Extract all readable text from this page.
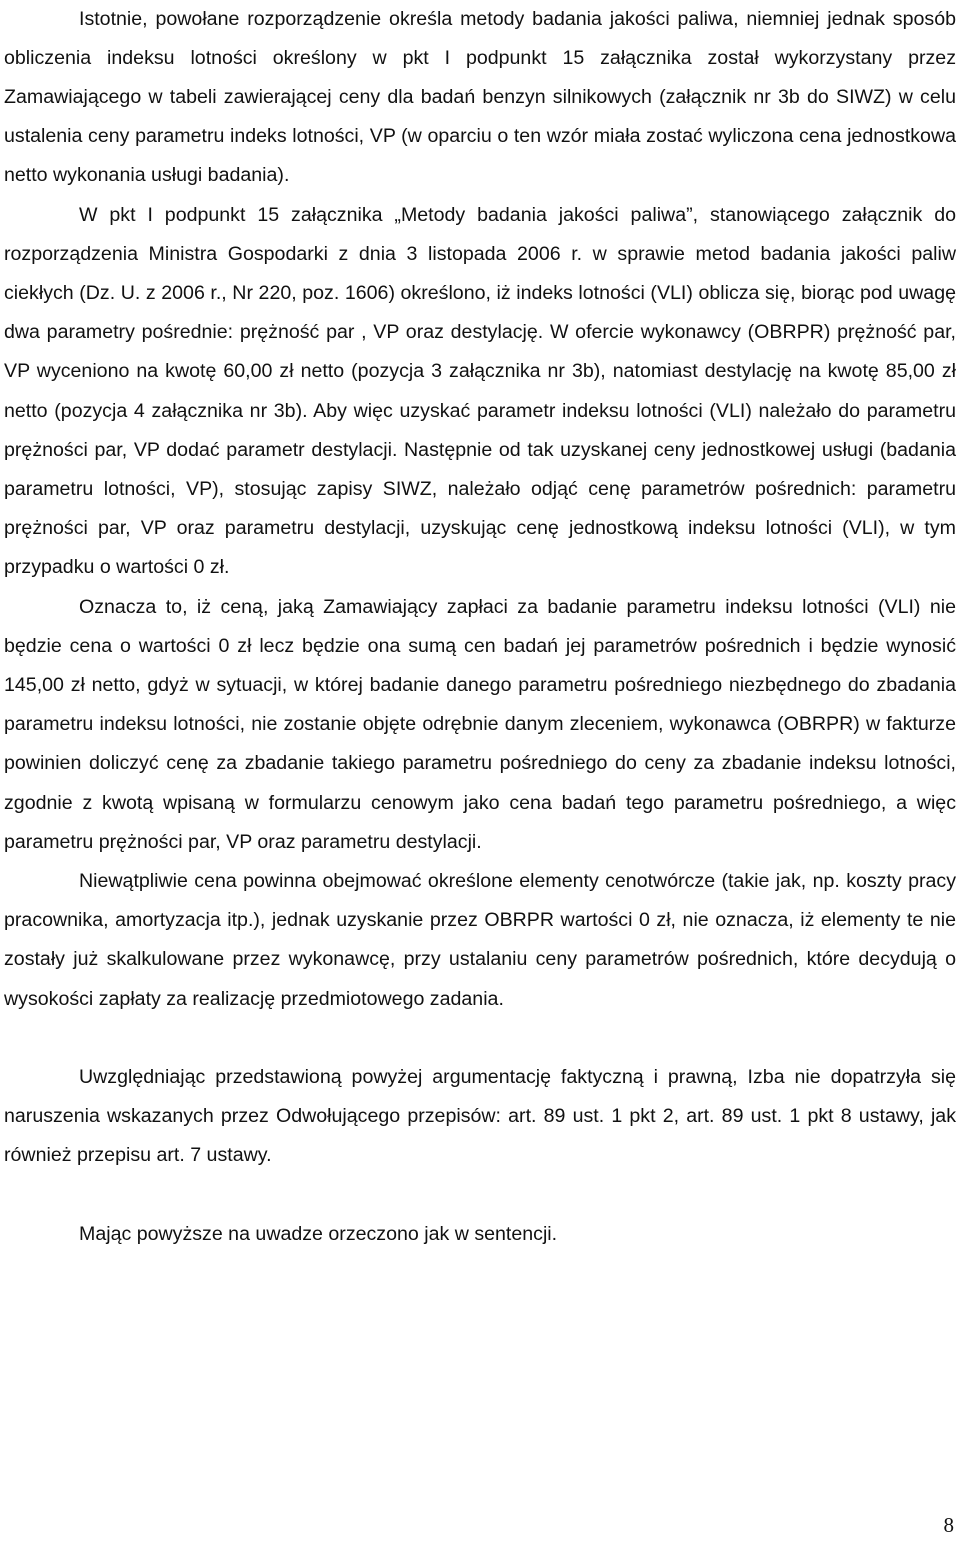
Istotnie, powołane rozporządzenie określa metody badania jakości paliwa, niemniej jednak sposób obliczenia indeksu lotności określony w pkt I podpunkt 15 załącznika został wykorzystany przez Zamawiającego w tabeli zawierającej ceny dla badań benzyn silnikowych (załącznik nr 3b do SIWZ) w celu ustalenia ceny parametru indeks lotności, VP (w oparciu o ten wzór miała zostać wyliczona cena jednostkowa netto wykonania usługi badania).

W pkt I podpunkt 15 załącznika „Metody badania jakości paliwa”, stanowiącego załącznik do rozporządzenia Ministra Gospodarki z dnia 3 listopada 2006 r. w sprawie metod badania jakości paliw ciekłych (Dz. U. z 2006 r., Nr 220, poz. 1606) określono, iż indeks lotności (VLI) oblicza się, biorąc pod uwagę dwa parametry pośrednie: prężność par , VP oraz destylację. W ofercie wykonawcy (OBRPR) prężność par, VP wyceniono na kwotę 60,00 zł netto (pozycja 3 załącznika nr 3b), natomiast destylację na kwotę 85,00 zł netto (pozycja 4 załącznika nr 3b). Aby więc uzyskać parametr indeksu lotności (VLI) należało do parametru prężności par, VP dodać parametr destylacji. Następnie od tak uzyskanej ceny jednostkowej usługi (badania parametru lotności, VP), stosując zapisy SIWZ, należało odjąć cenę parametrów pośrednich: parametru prężności par, VP oraz parametru destylacji, uzyskując cenę jednostkową indeksu lotności (VLI), w tym przypadku o wartości 0 zł.

Oznacza to, iż ceną, jaką Zamawiający zapłaci za badanie parametru indeksu lotności (VLI) nie będzie cena o wartości 0 zł lecz będzie ona sumą cen badań jej parametrów pośrednich i będzie wynosić 145,00 zł netto, gdyż w sytuacji, w której badanie danego parametru pośredniego niezbędnego do zbadania parametru indeksu lotności, nie zostanie objęte odrębnie danym zleceniem, wykonawca (OBRPR) w fakturze powinien doliczyć cenę za zbadanie takiego parametru pośredniego do ceny za zbadanie indeksu lotności, zgodnie z kwotą wpisaną w formularzu cenowym jako cena badań tego parametru pośredniego, a więc parametru prężności par, VP oraz parametru destylacji.

Niewątpliwie cena powinna obejmować określone elementy cenotwórcze (takie jak, np. koszty pracy pracownika, amortyzacja itp.), jednak uzyskanie przez OBRPR wartości 0 zł, nie oznacza, iż elementy te nie zostały już skalkulowane przez wykonawcę, przy ustalaniu ceny parametrów pośrednich, które decydują o wysokości zapłaty za realizację przedmiotowego zadania.

Uwzględniając przedstawioną powyżej argumentację faktyczną i prawną, Izba nie dopatrzyła się naruszenia wskazanych przez Odwołującego przepisów: art. 89 ust. 1 pkt 2, art. 89 ust. 1 pkt 8 ustawy, jak również przepisu art. 7 ustawy.

Mając powyższe na uwadze orzeczono jak w sentencji.

8
